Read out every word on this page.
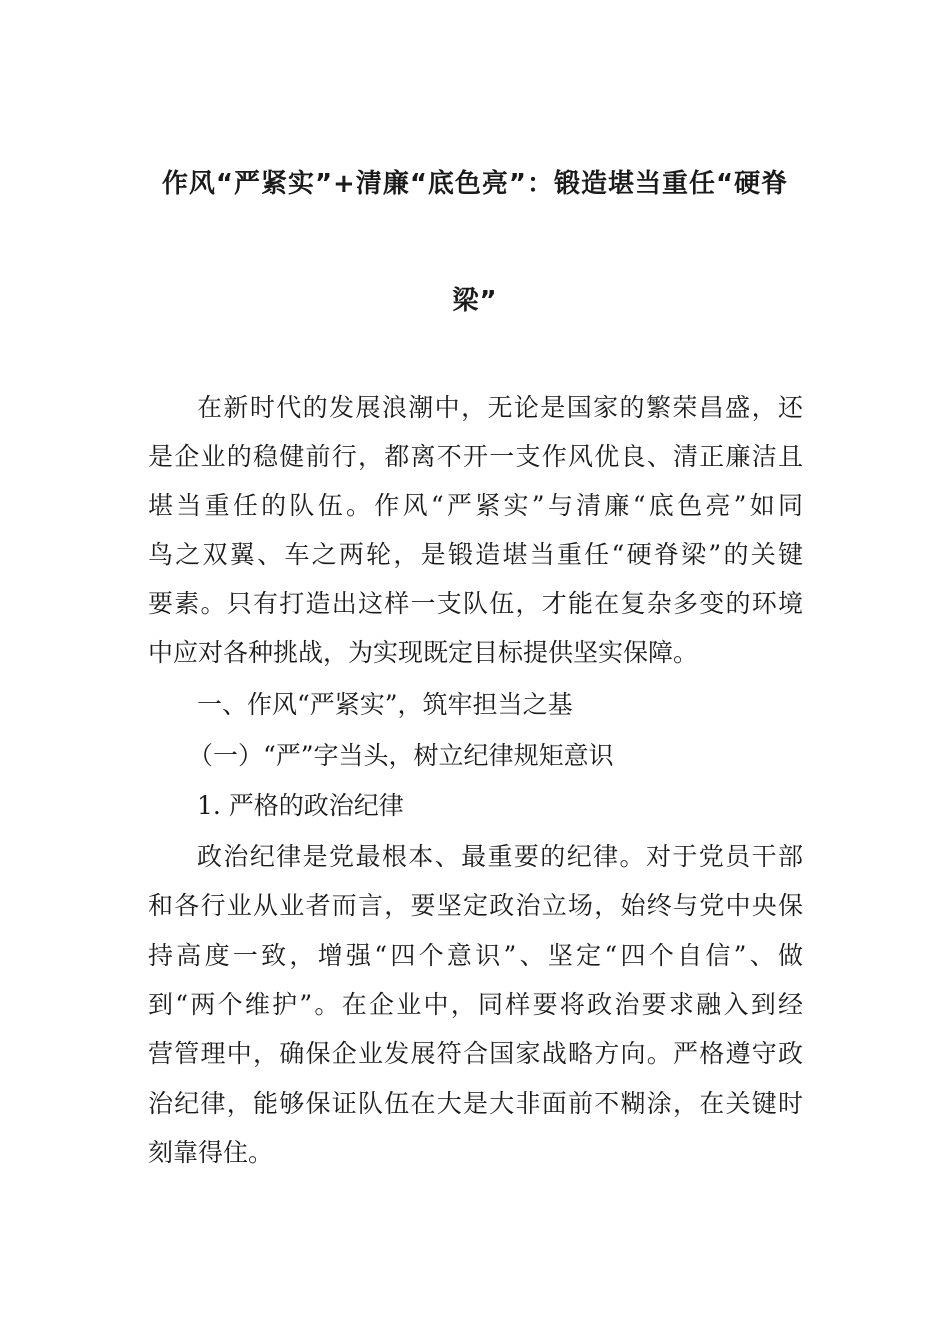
作风“严紧实”+清廉“底色亮”：锻造堪当重任“硬脊
梁”
在新时代的发展浪潮中，无论是国家的繁荣昌盛，还
是企业的稳健前行，都离不开一支作风优良、清正廉洁且
堪当重任的队伍。作风“严紧实”与清廉“底色亮”如同
鸟之双翼、车之两轮，是锻造堪当重任“硬脊梁”的关键
要素。只有打造出这样一支队伍，才能在复杂多变的环境
中应对各种挑战，为实现既定目标提供坚实保障。
一、作风“严紧实”，筑牢担当之基
（一）“严”字当头，树立纪律规矩意识
1. 严格的政治纪律
政治纪律是党最根本、最重要的纪律。对于党员干部
和各行业从业者而言，要坚定政治立场，始终与党中央保
持高度一致，增强“四个意识”、坚定“四个自信”、做
到“两个维护”。在企业中，同样要将政治要求融入到经
营管理中，确保企业发展符合国家战略方向。严格遵守政
治纪律，能够保证队伍在大是大非面前不糊涂，在关键时
刻靠得住。
